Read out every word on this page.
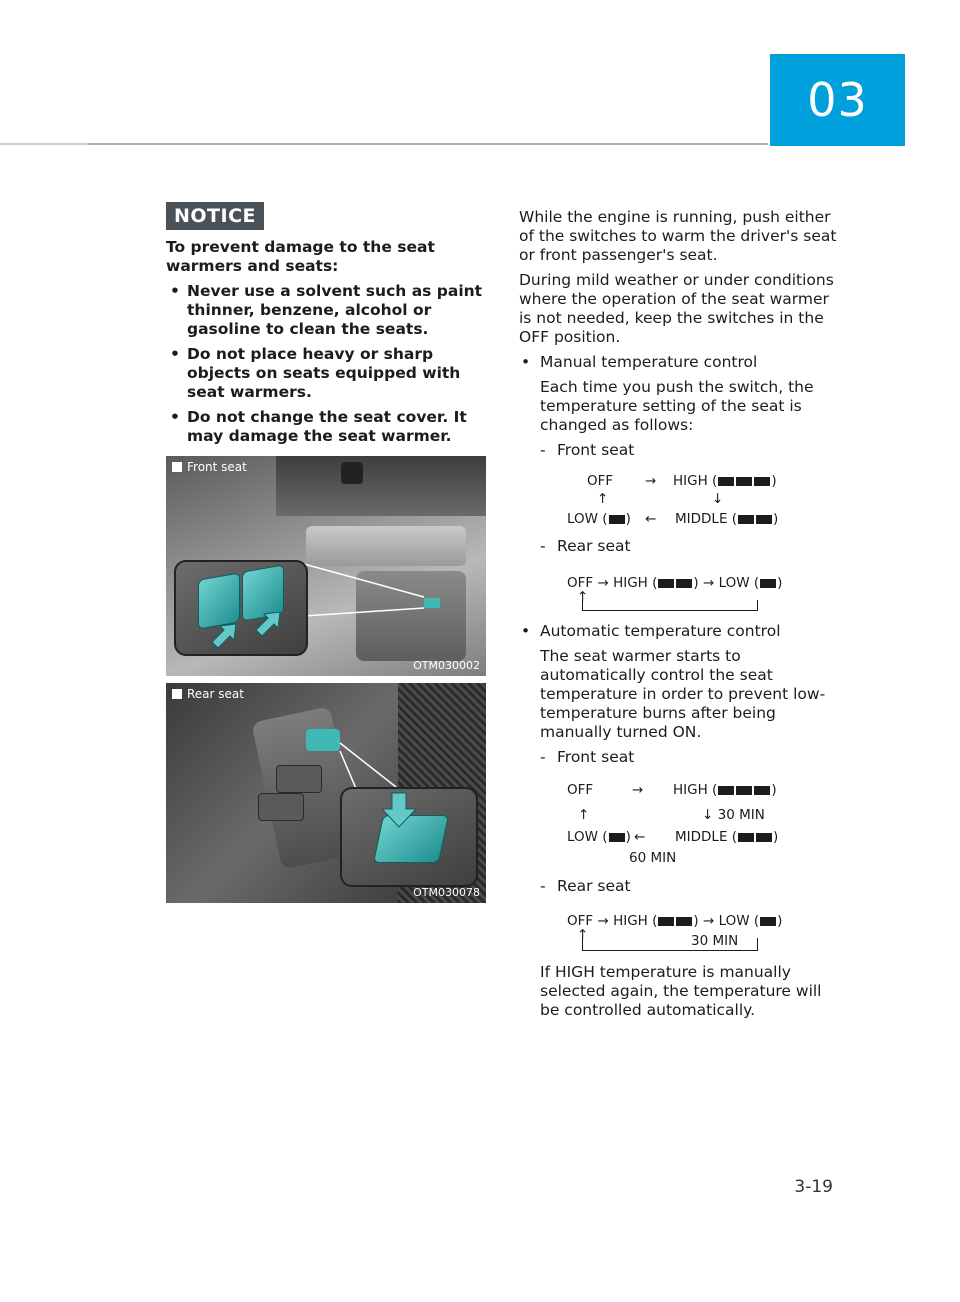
03
NOTICE
To prevent damage to the seat warmers and seats:
• Never use a solvent such as paint thinner, benzene, alcohol or gasoline to clean the seats.
• Do not place heavy or sharp objects on seats equipped with seat warmers.
• Do not change the seat cover. It may damage the seat warmer.
Front seat
OTM030002
Rear seat
OTM030078

While the engine is running, push either of the switches to warm the driver's seat or front passenger's seat.

During mild weather or under conditions where the operation of the seat warmer is not needed, keep the switches in the OFF position.

• Manual temperature control

Each time you push the switch, the temperature setting of the seat is changed as follows:

- Front seat
OFF → HIGH (	)
↑	↓
LOW ( ) ← MIDDLE (	)
- Rear seat
OFF → HIGH (	) → LOW ( )
↑
• Automatic temperature control

The seat warmer starts to automatically control the seat temperature in order to prevent low-temperature burns after being manually turned ON.

- Front seat
OFF	→ HIGH (	)
↑	↓ 30 MIN
LOW ( ) ← MIDDLE (	)
60 MIN
- Rear seat
OFF → HIGH (	) → LOW ( )
↑	30 MIN

If HIGH temperature is manually selected again, the temperature will be controlled automatically.

3-19
